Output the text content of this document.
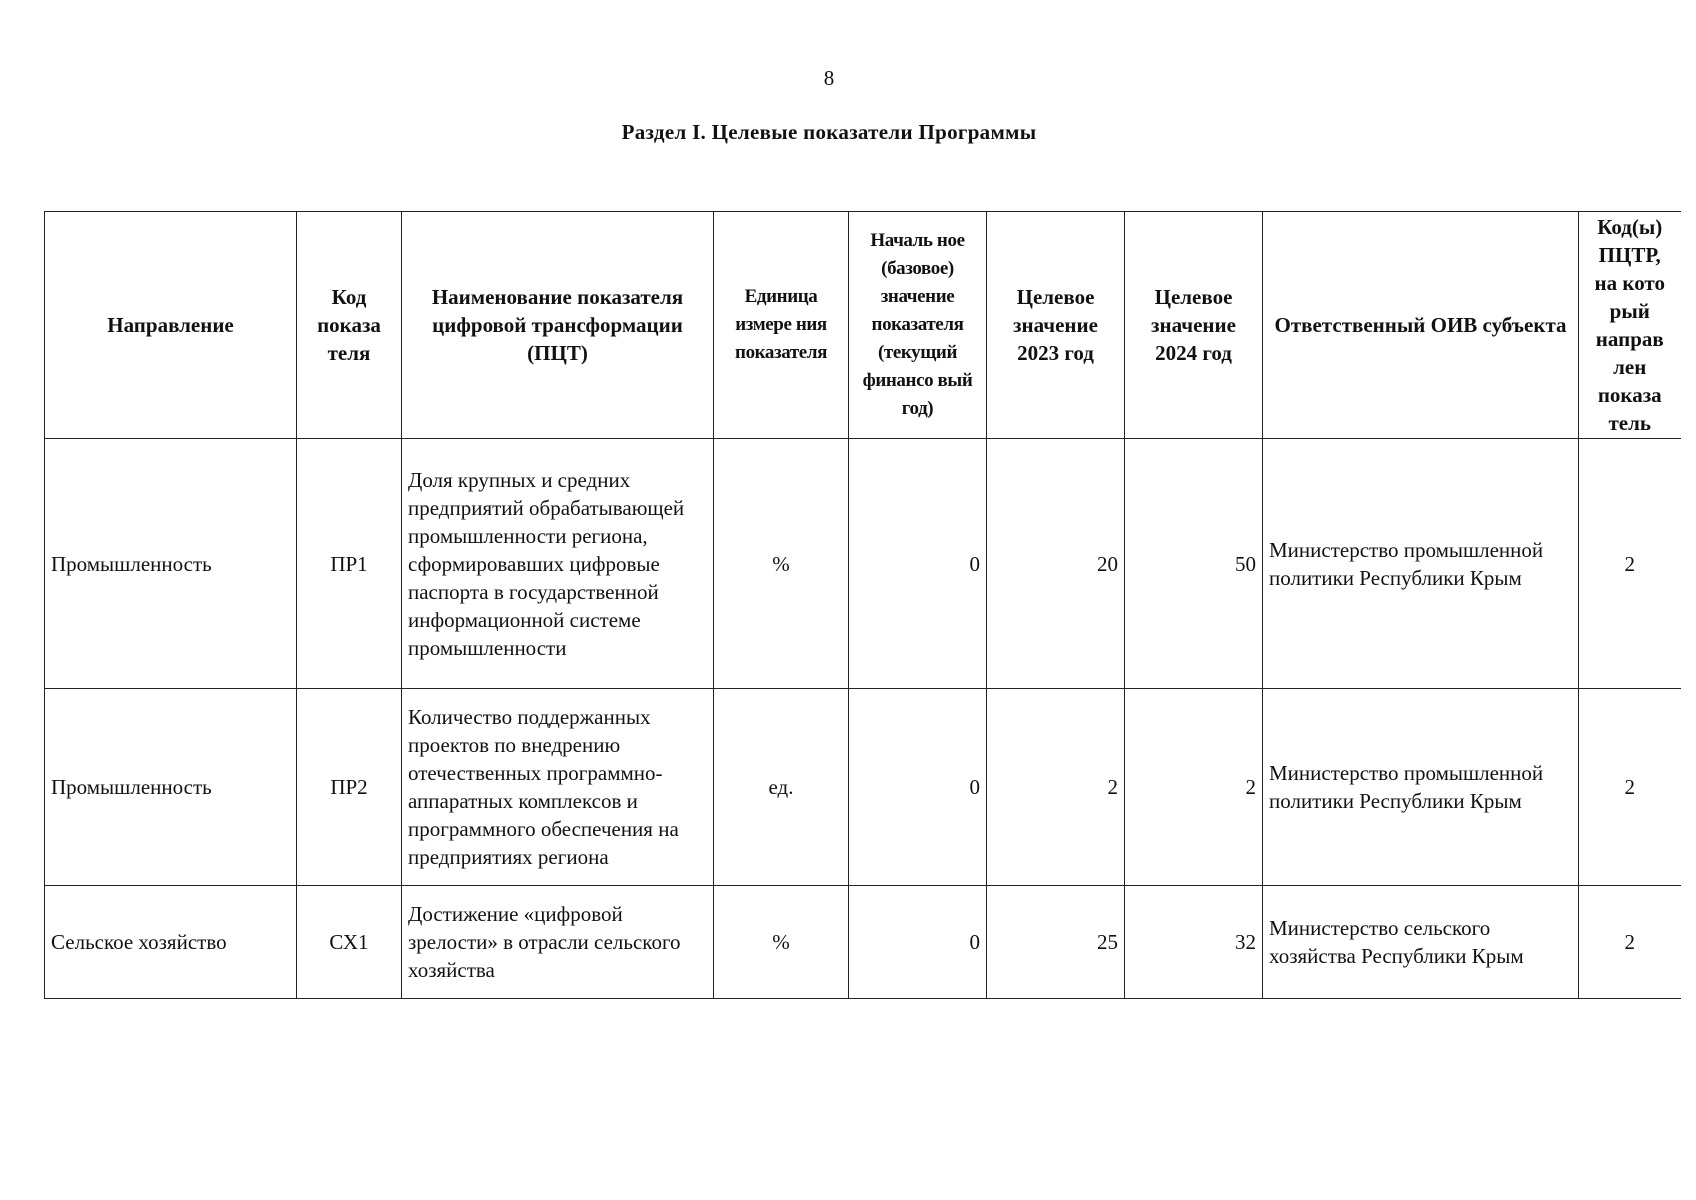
8
Раздел I. Целевые показатели Программы
Направление	Код показа теля	Наименование показателя цифровой трансформации (ПЦТ)	Единица измере ния показателя	Началь ное (базовое) значение показателя (текущий финансо вый год)	Целевое значение 2023 год	Целевое значение 2024 год	Ответственный ОИВ субъекта	Код(ы) ПЦТР, на кото рый направ лен показа тель
Промышленность	ПР1	Доля крупных и средних предприятий обрабатывающей промышленности региона, сформировавших цифровые паспорта в государственной информационной системе промышленности	%	0	20	50	Министерство промышленной политики Республики Крым	2
Промышленность	ПР2	Количество поддержанных проектов по внедрению отечественных программно-аппаратных комплексов и программного обеспечения на предприятиях региона	ед.	0	2	2	Министерство промышленной политики Республики Крым	2
Сельское хозяйство	СХ1	Достижение «цифровой зрелости» в отрасли сельского хозяйства	%	0	25	32	Министерство сельского хозяйства Республики Крым	2
